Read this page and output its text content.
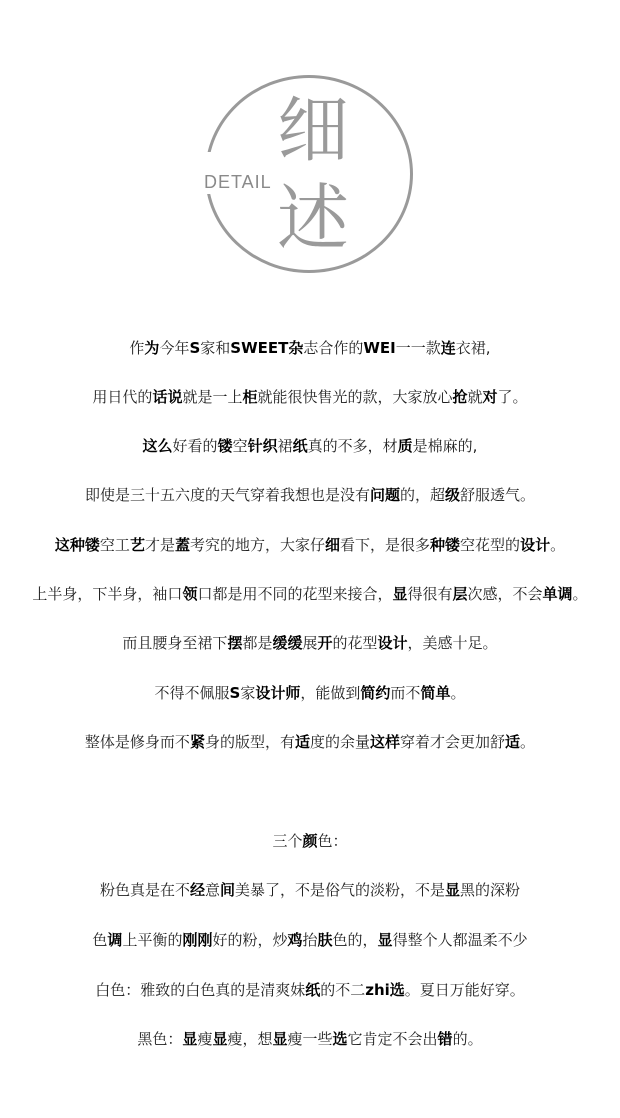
DETAIL
细
述
作为今年S家和SWEET杂志合作的WEI一一款连衣裙,
用日代的话说就是一上柜就能很快售光的款，大家放心抢就对了。
这么好看的镂空针织裙纸真的不多，材质是棉麻的,
即使是三十五六度的天气穿着我想也是没有问题的，超级舒服透气。
这种镂空工艺才是蓋考究的地方，大家仔细看下，是很多种镂空花型的设计。
上半身，下半身，袖口领口都是用不同的花型来接合，显得很有层次感，不会单调。
而且腰身至裙下摆都是缓缓展开的花型设计，美感十足。
不得不佩服S家设计师，能做到简约而不简单。
整体是修身而不紧身的版型，有适度的余量这样穿着才会更加舒适。
三个颜色：
粉色真是在不经意间美暴了，不是俗气的淡粉，不是显黑的深粉
色调上平衡的刚刚好的粉，炒鸡抬肤色的，显得整个人都温柔不少
白色：雅致的白色真的是清爽妹纸的不二zhi选。夏日万能好穿。
黑色：显瘦显瘦，想显瘦一些选它肯定不会出错的。
